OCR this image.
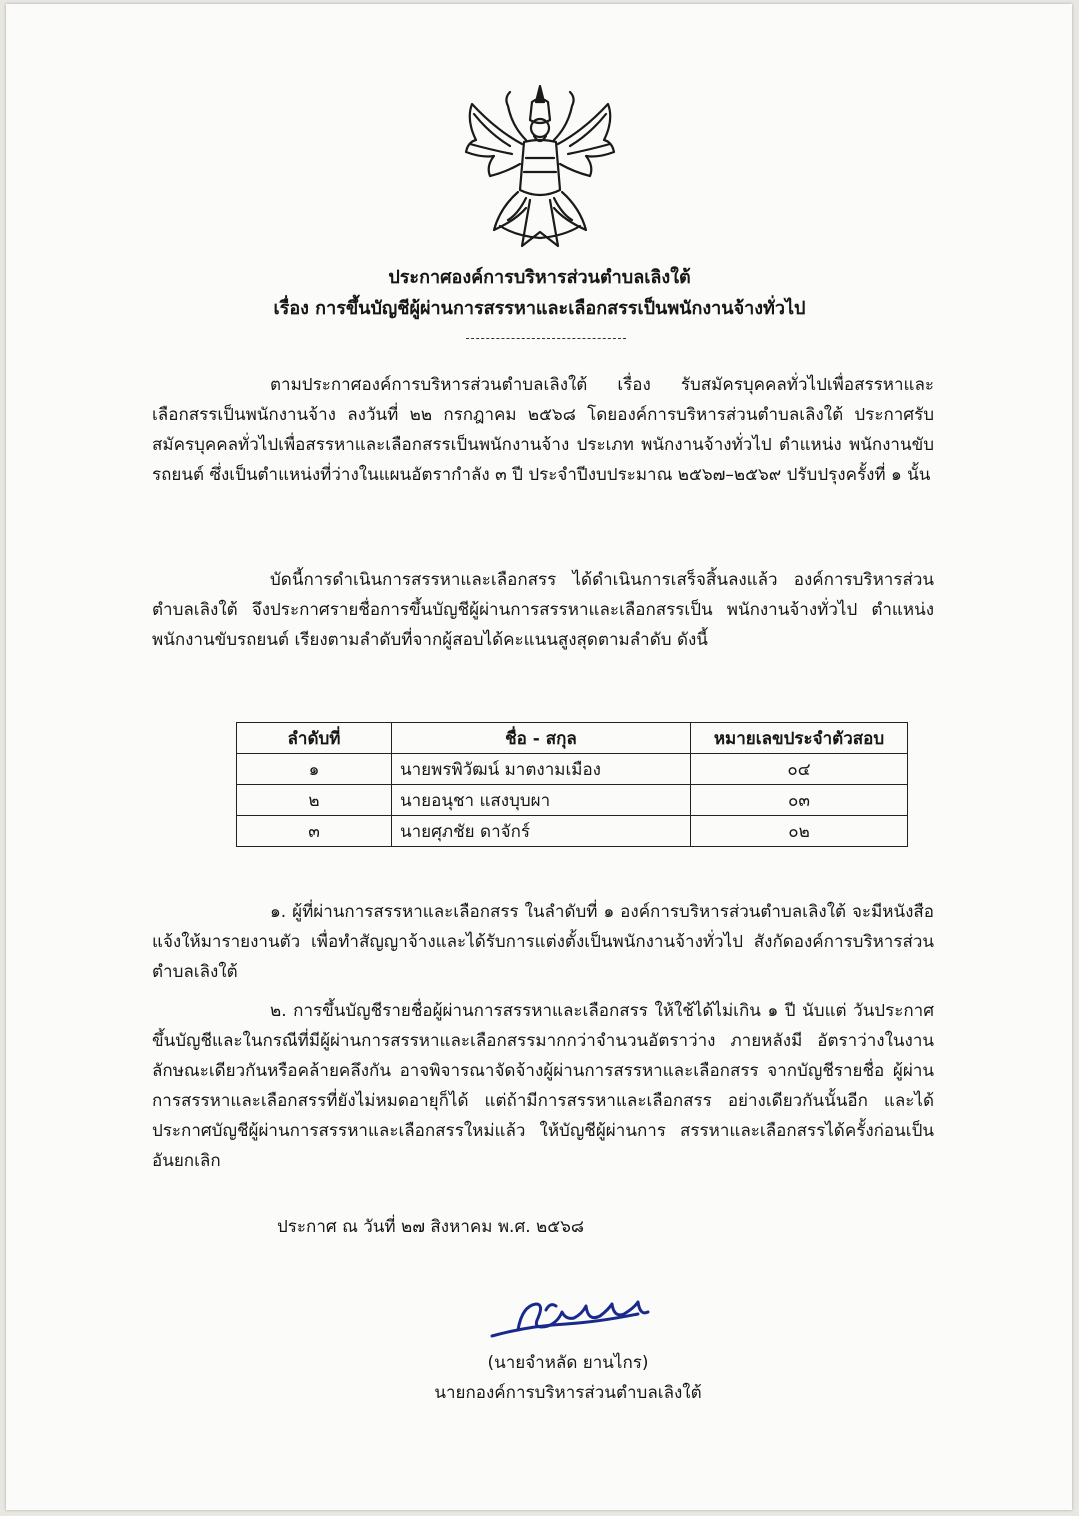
ประกาศองค์การบริหารส่วนตำบลเลิงใต้
เรื่อง การขึ้นบัญชีผู้ผ่านการสรรหาและเลือกสรรเป็นพนักงานจ้างทั่วไป
ตามประกาศองค์การบริหารส่วนตำบลเลิงใต้ เรื่อง รับสมัครบุคคลทั่วไปเพื่อสรรหาและเลือกสรรเป็นพนักงานจ้าง ลงวันที่ ๒๒ กรกฎาคม ๒๕๖๘ โดยองค์การบริหารส่วนตำบลเลิงใต้ ประกาศรับสมัครบุคคลทั่วไปเพื่อสรรหาและเลือกสรรเป็นพนักงานจ้าง ประเภท พนักงานจ้างทั่วไป ตำแหน่ง พนักงานขับรถยนต์ ซึ่งเป็นตำแหน่งที่ว่างในแผนอัตรากำลัง ๓ ปี ประจำปีงบประมาณ ๒๕๖๗–๒๕๖๙ ปรับปรุงครั้งที่ ๑ นั้น
บัดนี้การดำเนินการสรรหาและเลือกสรร ได้ดำเนินการเสร็จสิ้นลงแล้ว องค์การบริหารส่วนตำบลเลิงใต้ จึงประกาศรายชื่อการขึ้นบัญชีผู้ผ่านการสรรหาและเลือกสรรเป็น พนักงานจ้างทั่วไป ตำแหน่ง พนักงานขับรถยนต์ เรียงตามลำดับที่จากผู้สอบได้คะแนนสูงสุดตามลำดับ ดังนี้
ลำดับที่	ชื่อ - สกุล	หมายเลขประจำตัวสอบ
๑	นายพรพิวัฒน์ มาตงามเมือง	๐๔
๒	นายอนุชา แสงบุบผา	๐๓
๓	นายศุภชัย ดาจักร์	๐๒
๑. ผู้ที่ผ่านการสรรหาและเลือกสรร ในลำดับที่ ๑ องค์การบริหารส่วนตำบลเลิงใต้ จะมีหนังสือแจ้งให้มารายงานตัว เพื่อทำสัญญาจ้างและได้รับการแต่งตั้งเป็นพนักงานจ้างทั่วไป สังกัดองค์การบริหารส่วนตำบลเลิงใต้
๒. การขึ้นบัญชีรายชื่อผู้ผ่านการสรรหาและเลือกสรร ให้ใช้ได้ไม่เกิน ๑ ปี นับแต่ วันประกาศขึ้นบัญชีและในกรณีที่มีผู้ผ่านการสรรหาและเลือกสรรมากกว่าจำนวนอัตราว่าง ภายหลังมี อัตราว่างในงานลักษณะเดียวกันหรือคล้ายคลึงกัน อาจพิจารณาจัดจ้างผู้ผ่านการสรรหาและเลือกสรร จากบัญชีรายชื่อ ผู้ผ่านการสรรหาและเลือกสรรที่ยังไม่หมดอายุก็ได้ แต่ถ้ามีการสรรหาและเลือกสรร อย่างเดียวกันนั้นอีก และได้ประกาศบัญชีผู้ผ่านการสรรหาและเลือกสรรใหม่แล้ว ให้บัญชีผู้ผ่านการ สรรหาและเลือกสรรได้ครั้งก่อนเป็นอันยกเลิก
ประกาศ ณ วันที่ ๒๗ สิงหาคม พ.ศ. ๒๕๖๘
(นายจำหลัด ยานไกร)
นายกองค์การบริหารส่วนตำบลเลิงใต้
